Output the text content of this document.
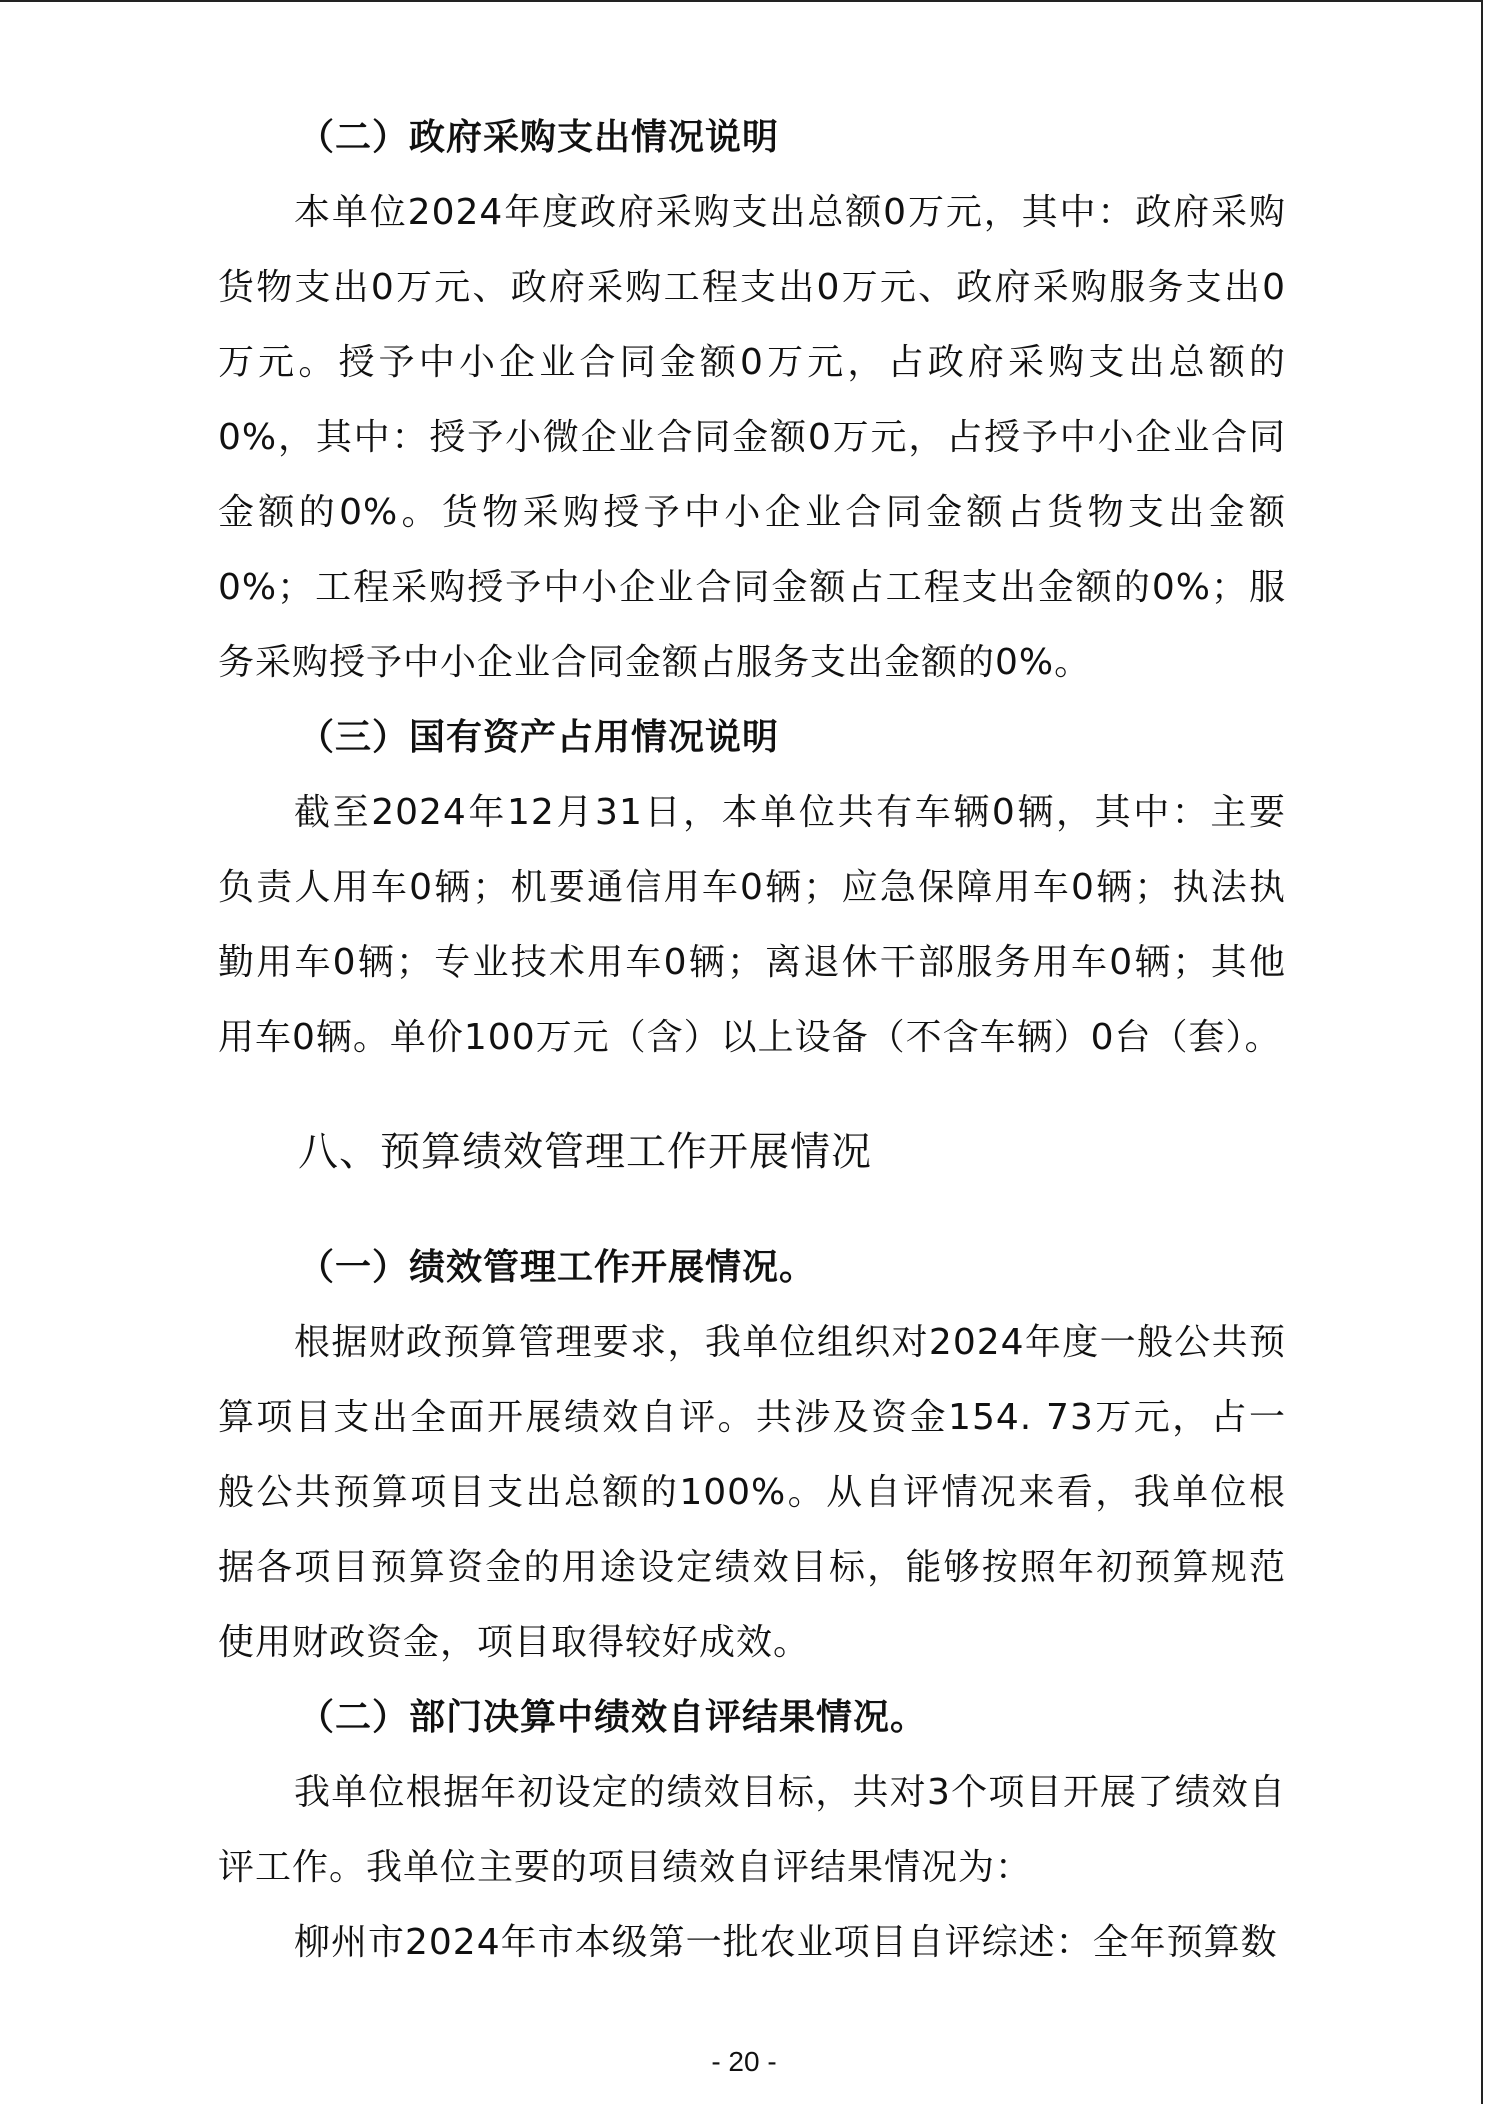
（二）政府采购支出情况说明
本单位2024年度政府采购支出总额0万元，其中：政府采购货物支出0万元、政府采购工程支出0万元、政府采购服务支出0万元。授予中小企业合同金额0万元，占政府采购支出总额的0%，其中：授予小微企业合同金额0万元，占授予中小企业合同金额的0%。货物采购授予中小企业合同金额占货物支出金额0%；工程采购授予中小企业合同金额占工程支出金额的0%；服务采购授予中小企业合同金额占服务支出金额的0%。
（三）国有资产占用情况说明
截至2024年12月31日，本单位共有车辆0辆，其中：主要负责人用车0辆；机要通信用车0辆；应急保障用车0辆；执法执勤用车0辆；专业技术用车0辆；离退休干部服务用车0辆；其他用车0辆。单价100万元（含）以上设备（不含车辆）0台（套）。
八、预算绩效管理工作开展情况
（一）绩效管理工作开展情况。
根据财政预算管理要求，我单位组织对2024年度一般公共预算项目支出全面开展绩效自评。共涉及资金154. 73万元，占一般公共预算项目支出总额的100%。从自评情况来看，我单位根据各项目预算资金的用途设定绩效目标，能够按照年初预算规范使用财政资金，项目取得较好成效。
（二）部门决算中绩效自评结果情况。
我单位根据年初设定的绩效目标，共对3个项目开展了绩效自评工作。我单位主要的项目绩效自评结果情况为：
柳州市2024年市本级第一批农业项目自评综述：全年预算数
- 20 -
